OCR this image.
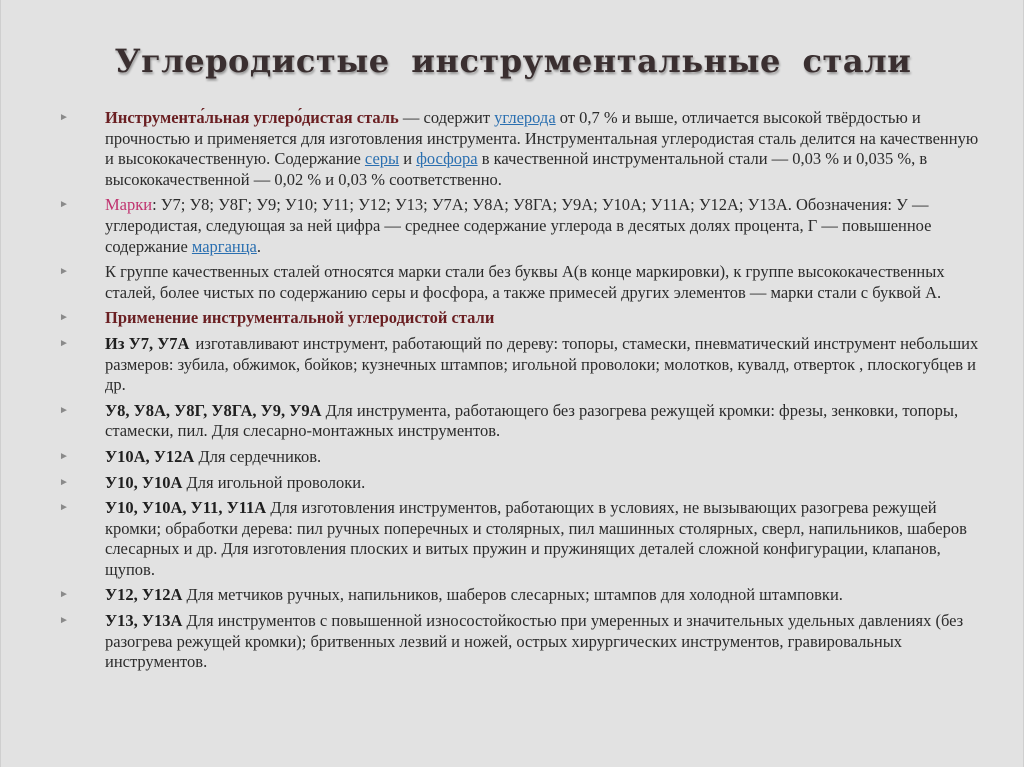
Углеродистые инструментальные стали
► Инструмента́льная углеро́дистая сталь — содержит углерода от 0,7 % и выше, отличается высокой твёрдостью и прочностью и применяется для изготовления инструмента. Инструментальная углеродистая сталь делится на качественную и высококачественную. Содержание серы и фосфора в качественной инструментальной стали — 0,03 % и 0,035 %, в высококачественной — 0,02 % и 0,03 % соответственно.
► Марки: У7; У8; У8Г; У9; У10; У11; У12; У13; У7А; У8А; У8ГА; У9А; У10А; У11А; У12А; У13А. Обозначения: У — углеродистая, следующая за ней цифра — среднее содержание углерода в десятых долях процента, Г — повышенное содержание марганца.
► К группе качественных сталей относятся марки стали без буквы А(в конце маркировки), к группе высококачественных сталей, более чистых по содержанию серы и фосфора, а также примесей других элементов — марки стали с буквой А.
► Применение инструментальной углеродистой стали
► Из У7, У7А изготавливают инструмент, работающий по дереву: топоры, стамески, пневматический инструмент небольших размеров: зубила, обжимок, бойков; кузнечных штампов; игольной проволоки; молотков, кувалд, отверток , плоскогубцев и др.
► У8, У8А, У8Г, У8ГА, У9, У9А Для инструмента, работающего без разогрева режущей кромки: фрезы, зенковки, топоры, стамески, пил. Для слесарно-монтажных инструментов.
► У10А, У12А Для сердечников.
► У10, У10А Для игольной проволоки.
► У10, У10А, У11, У11А Для изготовления инструментов, работающих в условиях, не вызывающих разогрева режущей кромки; обработки дерева: пил ручных поперечных и столярных, пил машинных столярных, сверл, напильников, шаберов слесарных и др. Для изготовления плоских и витых пружин и пружинящих деталей сложной конфигурации, клапанов, щупов.
► У12, У12А Для метчиков ручных, напильников, шаберов слесарных; штампов для холодной штамповки.
► У13, У13А Для инструментов с повышенной износостойкостью при умеренных и значительных удельных давлениях (без разогрева режущей кромки); бритвенных лезвий и ножей, острых хирургических инструментов, гравировальных инструментов.
